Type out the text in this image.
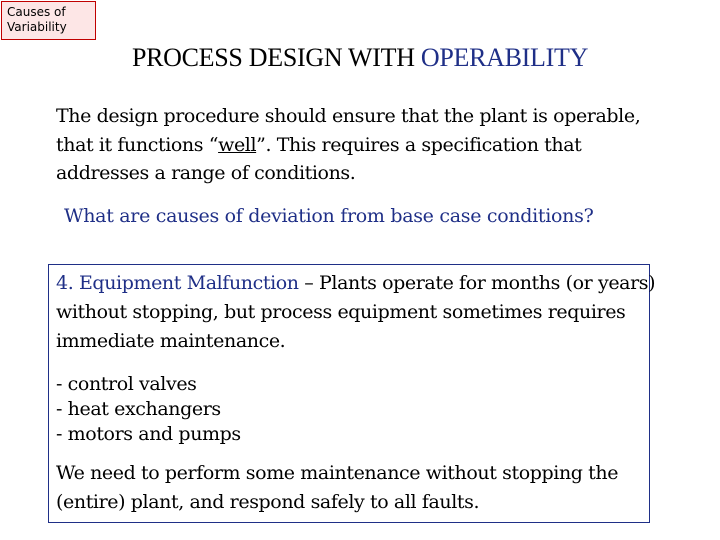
Causes of
Variability
PROCESS DESIGN WITH OPERABILITY
The design procedure should ensure that the plant is operable, that it functions “well”. This requires a specification that addresses a range of conditions.
What are causes of deviation from base case conditions?
4. Equipment Malfunction – Plants operate for months (or years) without stopping, but process equipment sometimes requires immediate maintenance.
- control valves
- heat exchangers
- motors and pumps
We need to perform some maintenance without stopping the (entire) plant, and respond safely to all faults.
